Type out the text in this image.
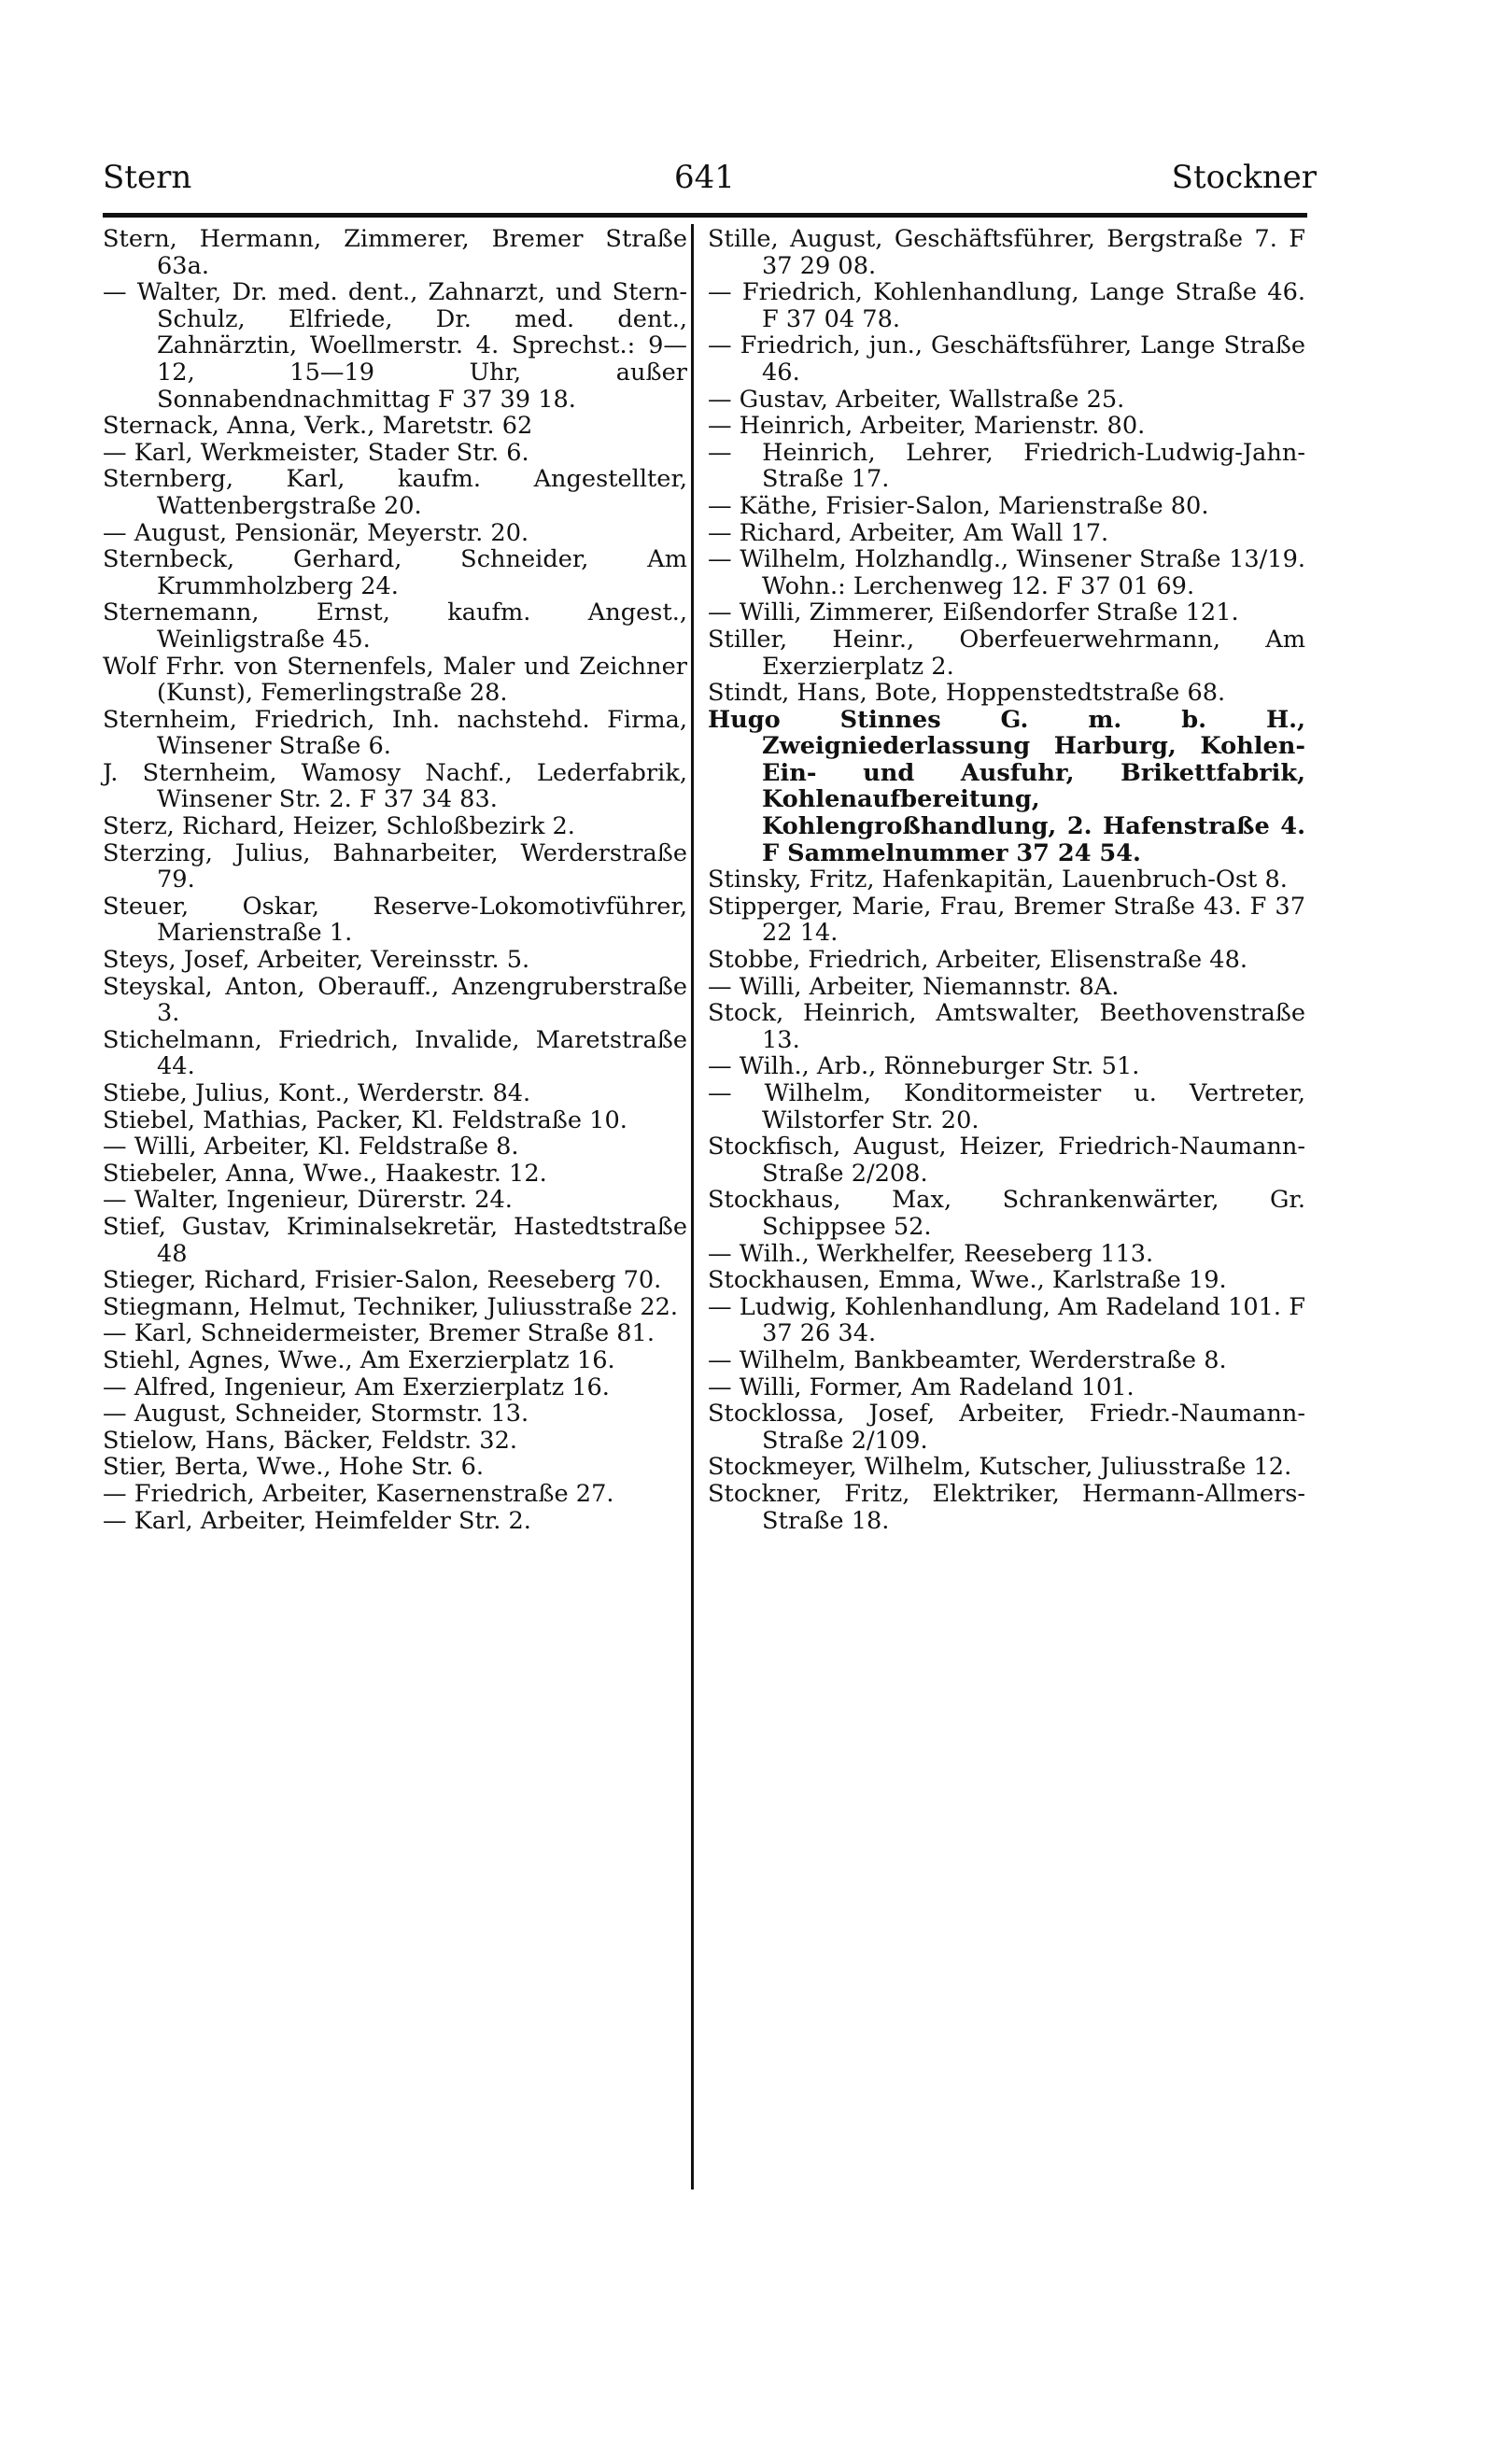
Stern	641	Stockner
Stern, Hermann, Zimmerer, Bremer Straße 63a.
— Walter, Dr. med. dent., Zahnarzt, und Stern-Schulz, Elfriede, Dr. med. dent., Zahnärztin, Woellmerstr. 4. Sprechst.: 9—12, 15—19 Uhr, außer Sonnabendnachmittag F 37 39 18.
Sternack, Anna, Verk., Maretstr. 62
— Karl, Werkmeister, Stader Str. 6.
Sternberg, Karl, kaufm. Angestellter, Wattenbergstraße 20.
— August, Pensionär, Meyerstr. 20.
Sternbeck, Gerhard, Schneider, Am Krummholzberg 24.
Sternemann, Ernst, kaufm. Angest., Weinligstraße 45.
Wolf Frhr. von Sternenfels, Maler und Zeichner (Kunst), Femerlingstraße 28.
Sternheim, Friedrich, Inh. nachstehd. Firma, Winsener Straße 6.
J. Sternheim, Wamosy Nachf., Lederfabrik, Winsener Str. 2. F 37 34 83.
Sterz, Richard, Heizer, Schloßbezirk 2.
Sterzing, Julius, Bahnarbeiter, Werderstraße 79.
Steuer, Oskar, Reserve-Lokomotivführer, Marienstraße 1.
Steys, Josef, Arbeiter, Vereinsstr. 5.
Steyskal, Anton, Oberauff., Anzengruberstraße 3.
Stichelmann, Friedrich, Invalide, Maretstraße 44.
Stiebe, Julius, Kont., Werderstr. 84.
Stiebel, Mathias, Packer, Kl. Feldstraße 10.
— Willi, Arbeiter, Kl. Feldstraße 8.
Stiebeler, Anna, Wwe., Haakestr. 12.
— Walter, Ingenieur, Dürerstr. 24.
Stief, Gustav, Kriminalsekretär, Hastedtstraße 48
Stieger, Richard, Frisier-Salon, Reeseberg 70.
Stiegmann, Helmut, Techniker, Juliusstraße 22.
— Karl, Schneidermeister, Bremer Straße 81.
Stiehl, Agnes, Wwe., Am Exerzierplatz 16.
— Alfred, Ingenieur, Am Exerzierplatz 16.
— August, Schneider, Stormstr. 13.
Stielow, Hans, Bäcker, Feldstr. 32.
Stier, Berta, Wwe., Hohe Str. 6.
— Friedrich, Arbeiter, Kasernenstraße 27.
— Karl, Arbeiter, Heimfelder Str. 2.
Stille, August, Geschäftsführer, Bergstraße 7. F 37 29 08.
— Friedrich, Kohlenhandlung, Lange Straße 46. F 37 04 78.
— Friedrich, jun., Geschäftsführer, Lange Straße 46.
— Gustav, Arbeiter, Wallstraße 25.
— Heinrich, Arbeiter, Marienstr. 80.
— Heinrich, Lehrer, Friedrich-Ludwig-Jahn-Straße 17.
— Käthe, Frisier-Salon, Marienstraße 80.
— Richard, Arbeiter, Am Wall 17.
— Wilhelm, Holzhandlg., Winsener Straße 13/19. Wohn.: Lerchenweg 12. F 37 01 69.
— Willi, Zimmerer, Eißendorfer Straße 121.
Stiller, Heinr., Oberfeuerwehrmann, Am Exerzierplatz 2.
Stindt, Hans, Bote, Hoppenstedtstraße 68.
Hugo Stinnes G. m. b. H., Zweigniederlassung Harburg, Kohlen-Ein- und Ausfuhr, Brikettfabrik, Kohlenaufbereitung, Kohlengroßhandlung, 2. Hafenstraße 4. F Sammelnummer 37 24 54.
Stinsky, Fritz, Hafenkapitän, Lauenbruch-Ost 8.
Stipperger, Marie, Frau, Bremer Straße 43. F 37 22 14.
Stobbe, Friedrich, Arbeiter, Elisenstraße 48.
— Willi, Arbeiter, Niemannstr. 8A.
Stock, Heinrich, Amtswalter, Beethovenstraße 13.
— Wilh., Arb., Rönneburger Str. 51.
— Wilhelm, Konditormeister u. Vertreter, Wilstorfer Str. 20.
Stockfisch, August, Heizer, Friedrich-Naumann-Straße 2/208.
Stockhaus, Max, Schrankenwärter, Gr. Schippsee 52.
— Wilh., Werkhelfer, Reeseberg 113.
Stockhausen, Emma, Wwe., Karlstraße 19.
— Ludwig, Kohlenhandlung, Am Radeland 101. F 37 26 34.
— Wilhelm, Bankbeamter, Werderstraße 8.
— Willi, Former, Am Radeland 101.
Stocklossa, Josef, Arbeiter, Friedr.-Naumann-Straße 2/109.
Stockmeyer, Wilhelm, Kutscher, Juliusstraße 12.
Stockner, Fritz, Elektriker, Hermann-Allmers-Straße 18.
